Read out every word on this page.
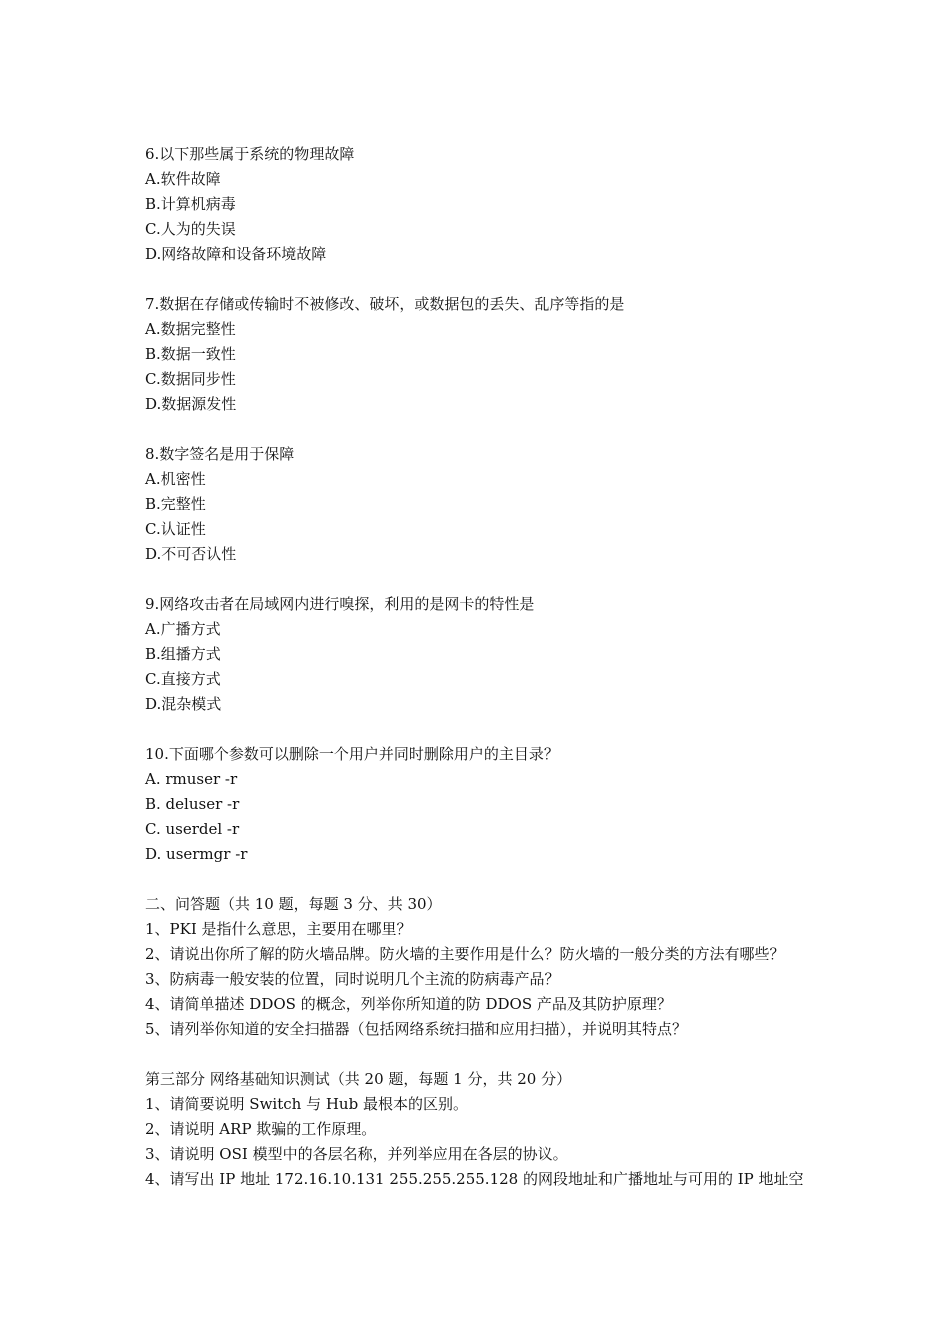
6.以下那些属于系统的物理故障
A.软件故障
B.计算机病毒
C.人为的失误
D.网络故障和设备环境故障
7.数据在存储或传输时不被修改、破坏，或数据包的丢失、乱序等指的是
A.数据完整性
B.数据一致性
C.数据同步性
D.数据源发性
8.数字签名是用于保障
A.机密性
B.完整性
C.认证性
D.不可否认性
9.网络攻击者在局域网内进行嗅探，利用的是网卡的特性是
A.广播方式
B.组播方式
C.直接方式
D.混杂模式
10.下面哪个参数可以删除一个用户并同时删除用户的主目录？
A. rmuser -r
B. deluser -r
C. userdel -r
D. usermgr -r
二、问答题（共 10 题，每题 3 分、共 30）
1、PKI 是指什么意思，主要用在哪里？
2、请说出你所了解的防火墙品牌。防火墙的主要作用是什么？防火墙的一般分类的方法有哪些？
3、防病毒一般安装的位置，同时说明几个主流的防病毒产品？
4、请简单描述 DDOS 的概念，列举你所知道的防 DDOS 产品及其防护原理？
5、请列举你知道的安全扫描器（包括网络系统扫描和应用扫描），并说明其特点？
第三部分 网络基础知识测试（共 20 题，每题 1 分，共 20 分）
1、请简要说明 Switch 与 Hub 最根本的区别。
2、请说明 ARP 欺骗的工作原理。
3、请说明 OSI 模型中的各层名称，并列举应用在各层的协议。
4、请写出 IP 地址 172.16.10.131 255.255.255.128 的网段地址和广播地址与可用的 IP 地址空
